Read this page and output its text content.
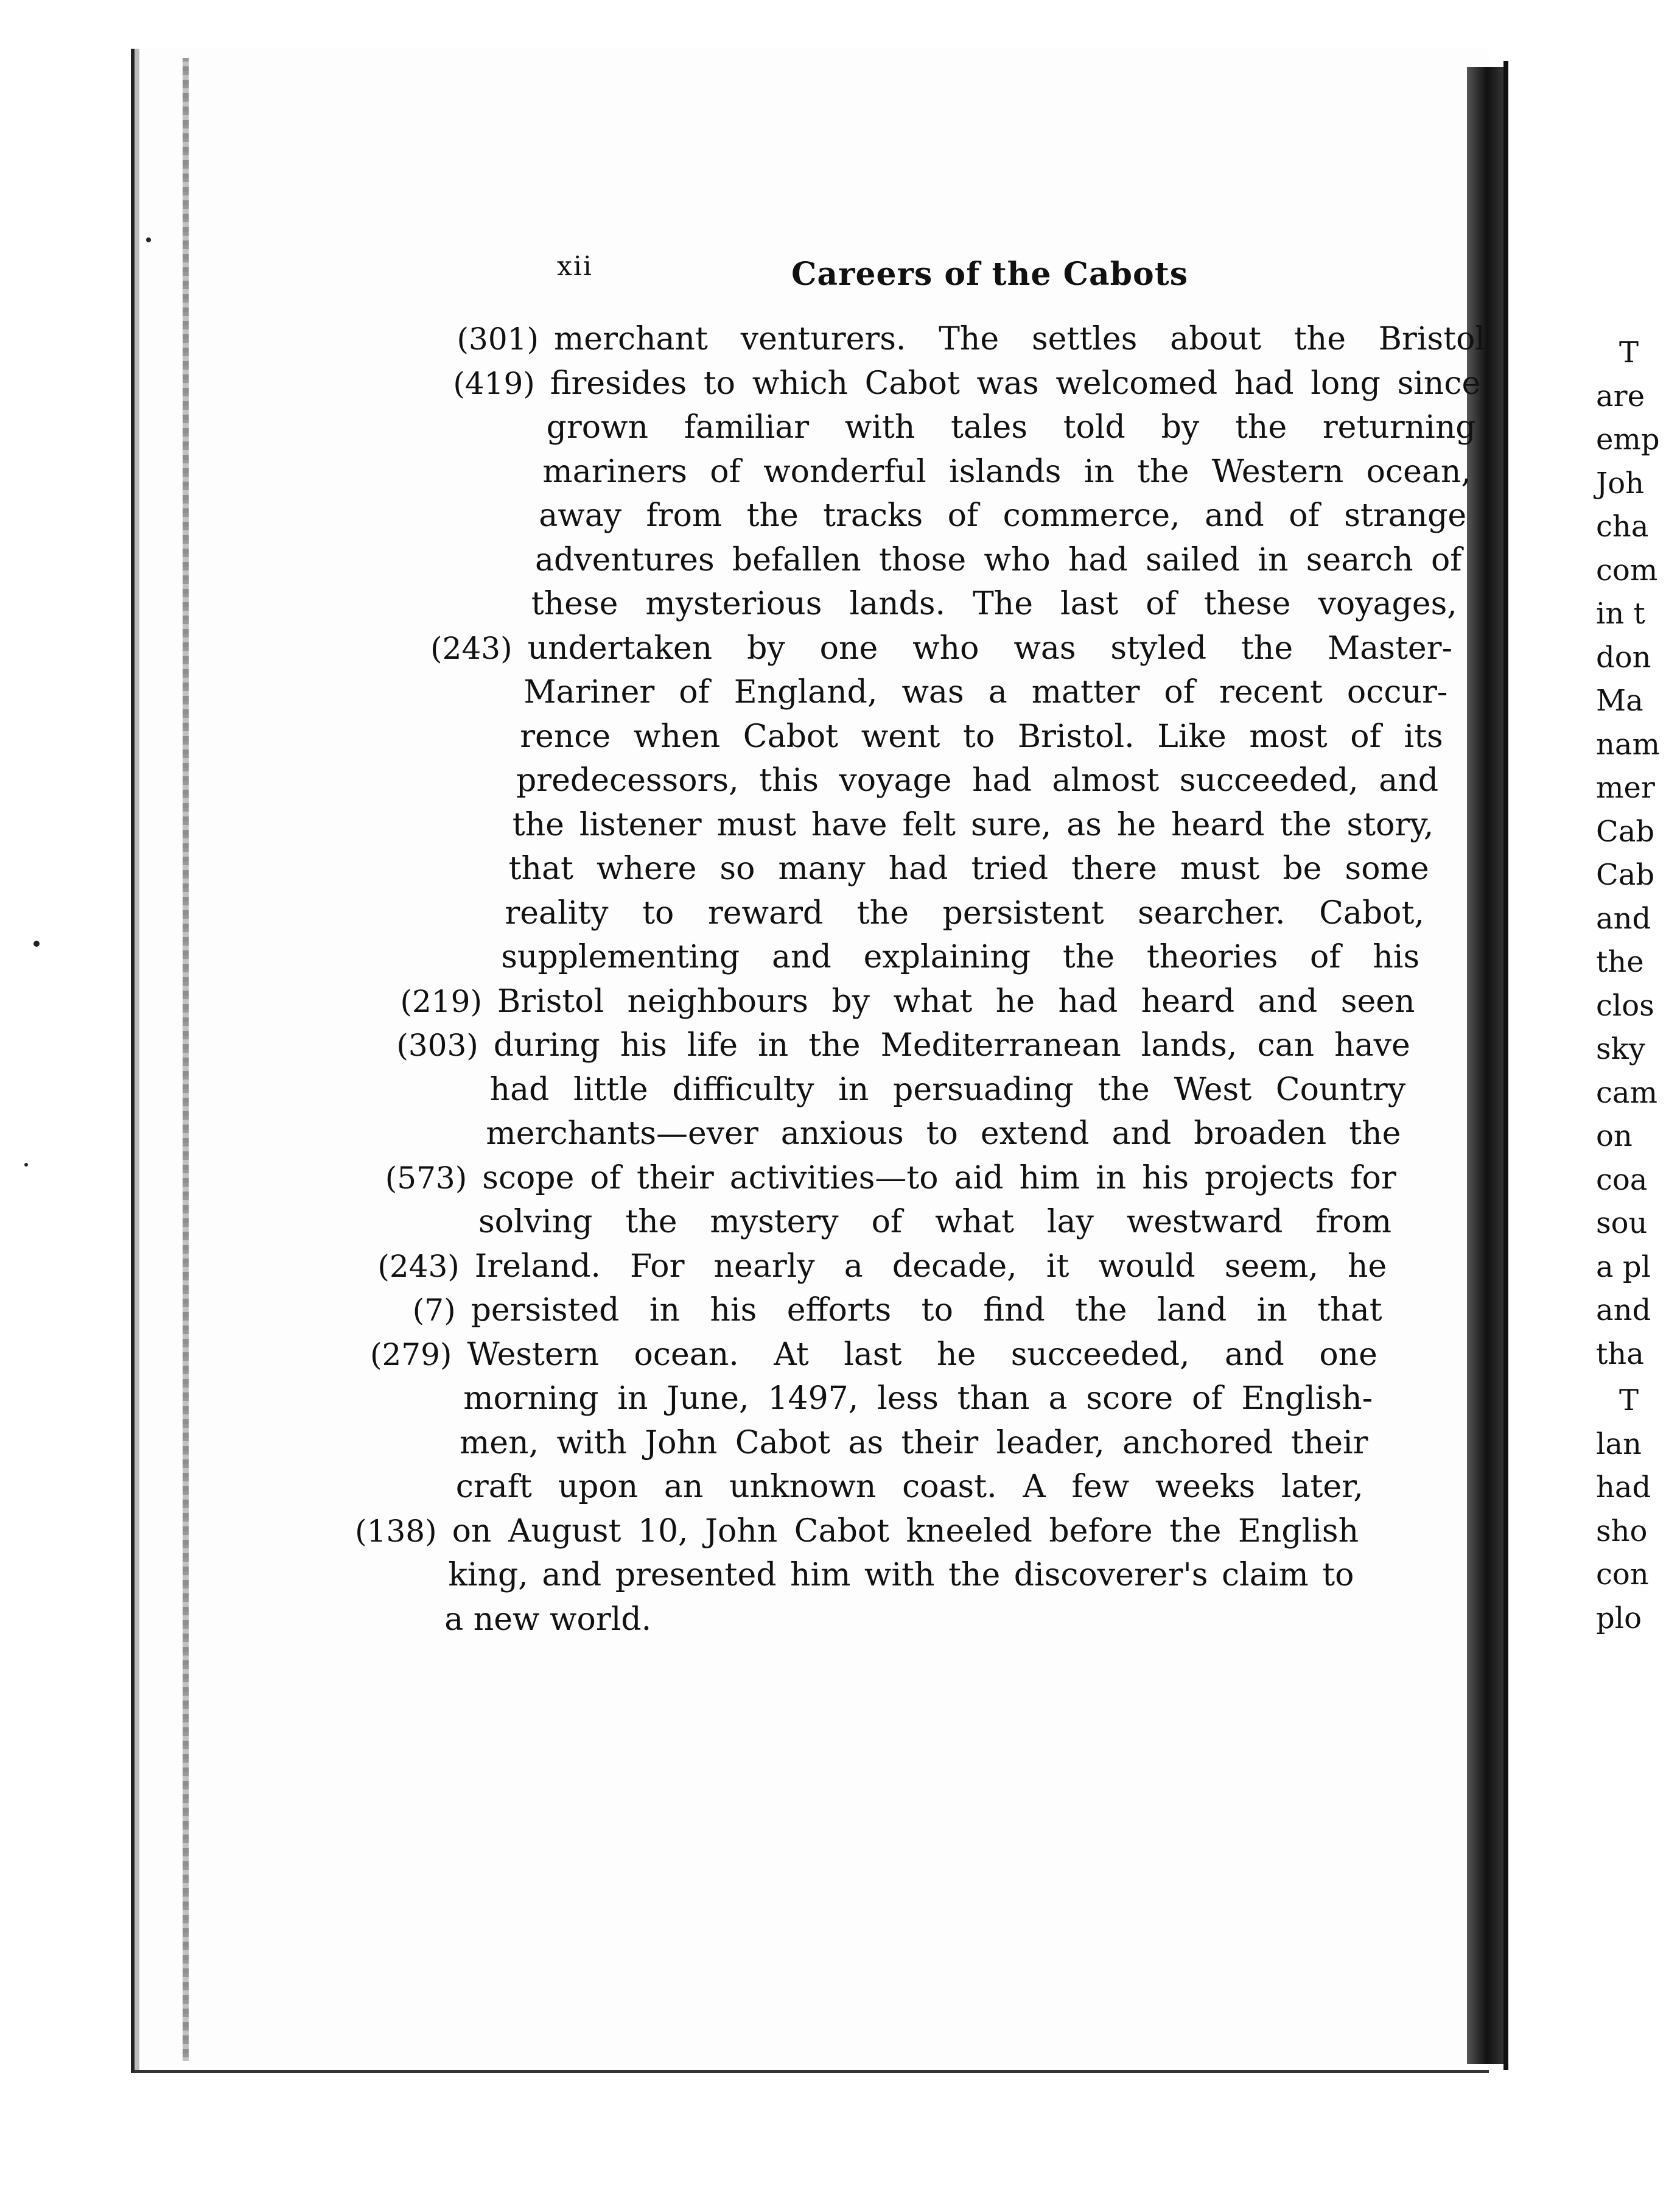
xii	Careers of the Cabots
merchant venturers. The settles about the Bristol
(301)
firesides to which Cabot was welcomed had long since
(419)
grown familiar with tales told by the returning
mariners of wonderful islands in the Western ocean,
away from the tracks of commerce, and of strange
adventures befallen those who had sailed in search of
these mysterious lands. The last of these voyages,
undertaken by one who was styled the Master-
(243)
Mariner of England, was a matter of recent occur-
rence when Cabot went to Bristol. Like most of its
predecessors, this voyage had almost succeeded, and
the listener must have felt sure, as he heard the story,
that where so many had tried there must be some
reality to reward the persistent searcher. Cabot,
supplementing and explaining the theories of his
Bristol neighbours by what he had heard and seen
(219)
during his life in the Mediterranean lands, can have
(303)
had little difficulty in persuading the West Country
merchants—ever anxious to extend and broaden the
scope of their activities—to aid him in his projects for
(573)
solving the mystery of what lay westward from
Ireland. For nearly a decade, it would seem, he
(243)
persisted in his efforts to find the land in that
(7)
Western ocean. At last he succeeded, and one
(279)
morning in June, 1497, less than a score of English-
men, with John Cabot as their leader, anchored their
craft upon an unknown coast. A few weeks later,
on August 10, John Cabot kneeled before the English
(138)
king, and presented him with the discoverer's claim to
a new world.
T
are
emp
Joh
cha
com
in t
don
Ma
nam
mer
Cab
Cab
and
the
clos
sky
cam
on
coa
sou
a pl
and
tha
T
lan
had
sho
con
plo
